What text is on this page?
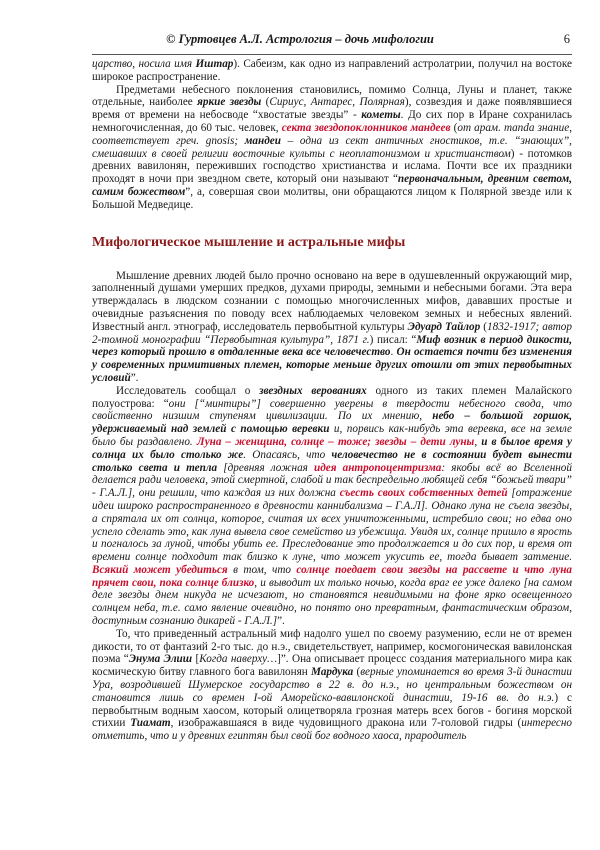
© Гуртовцев А.Л. Астрология – дочь мифологии	6

царство, носила имя Иштар). Сабеизм, как одно из направлений астролатрии, получил на востоке широкое распространение.

Предметами небесного поклонения становились, помимо Солнца, Луны и планет, также отдельные, наиболее яркие звезды (Сириус, Антарес, Полярная), созвездия и даже появлявшиеся время от времени на небосводе “хвостатые звезды” - кометы. До сих пор в Иране сохранилась немногочисленная, до 60 тыс. человек, секта звездопоклонников мандеев (от арам. manda знание, соответствует греч. gnosis; мандеи – одна из сект античных гностиков, т.е. “знающих”, смешавших в своей религии восточные культы с неоплатонизмом и христианством) - потомков древних вавилонян, переживших господство христианства и ислама. Почти все их праздники проходят в ночи при звездном свете, который они называют “первоначальным, древним светом, самим божеством”, а, совершая свои молитвы, они обращаются лицом к Полярной звезде или к Большой Медведице.

Мифологическое мышление и астральные мифы

Мышление древних людей было прочно основано на вере в одушевленный окружающий мир, заполненный душами умерших предков, духами природы, земными и небесными богами. Эта вера утверждалась в людском сознании с помощью многочисленных мифов, дававших простые и очевидные разъяснения по поводу всех наблюдаемых человеком земных и небесных явлений. Известный англ. этнограф, исследователь первобытной культуры Эдуард Тайлор (1832-1917; автор 2-томной монографии “Первобытная культура”, 1871 г.) писал: “Миф возник в период дикости, через который прошло в отдаленные века все человечество. Он остается почти без изменения у современных примитивных племен, которые меньше других отошли от этих первобытных условий”.

Исследователь сообщал о звездных верованиях одного из таких племен Малайского полуострова: “они [“минтиры”] совершенно уверены в твердости небесного свода, что свойственно низшим ступеням цивилизации. По их мнению, небо – большой горшок, удерживаемый над землей с помощью веревки и, порвись как-нибудь эта веревка, все на земле было бы раздавлено. Луна – женщина, солнце – тоже; звезды – дети луны, и в былое время у солнца их было столько же. Опасаясь, что человечество не в состоянии будет вынести столько света и тепла [древняя ложная идея антропоцентризма: якобы всё во Вселенной делается ради человека, этой смертной, слабой и так беспредельно любящей себя “божьей твари” - Г.А.Л.], они решили, что каждая из них должна съесть своих собственных детей [отражение идеи широко распространенного в древности каннибализма – Г.А.Л]. Однако луна не съела звезды, а спрятала их от солнца, которое, считая их всех уничтоженными, истребило свои; но едва оно успело сделать это, как луна вывела свое семейство из убежища. Увидя их, солнце пришло в ярость и погналось за луной, чтобы убить ее. Преследование это продолжается и до сих пор, и время от времени солнце подходит так близко к луне, что может укусить ее, тогда бывает затмение. Всякий может убедиться в том, что солнце поедает свои звезды на рассвете и что луна прячет свои, пока солнце близко, и выводит их только ночью, когда враг ее уже далеко [на самом деле звезды днем никуда не исчезают, но становятся невидимыми на фоне ярко освещенного солнцем неба, т.е. само явление очевидно, но понято оно превратным, фантастическим образом, доступным сознанию дикарей - Г.А.Л.]”.

То, что приведенный астральный миф надолго ушел по своему разумению, если не от времен дикости, то от фантазий 2-го тыс. до н.э., свидетельствует, например, космогоническая вавилонская поэма “Энума Элиш [Когда наверху…]”. Она описывает процесс создания материального мира как космическую битву главного бога вавилонян Мардука (верные упоминается во время 3-й династии Ура, возродившей Шумерское государство в 22 в. до н.э., но центральным божеством он становится лишь со времен I-ой Аморейско-вавилонской династии, 19-16 вв. до н.э.) с первобытным водным хаосом, который олицетворяла грозная матерь всех богов - богиня морской стихии Тиамат, изображавшаяся в виде чудовищного дракона или 7-головой гидры (интересно отметить, что и у древних египтян был свой бог водного хаоса, прародитель
